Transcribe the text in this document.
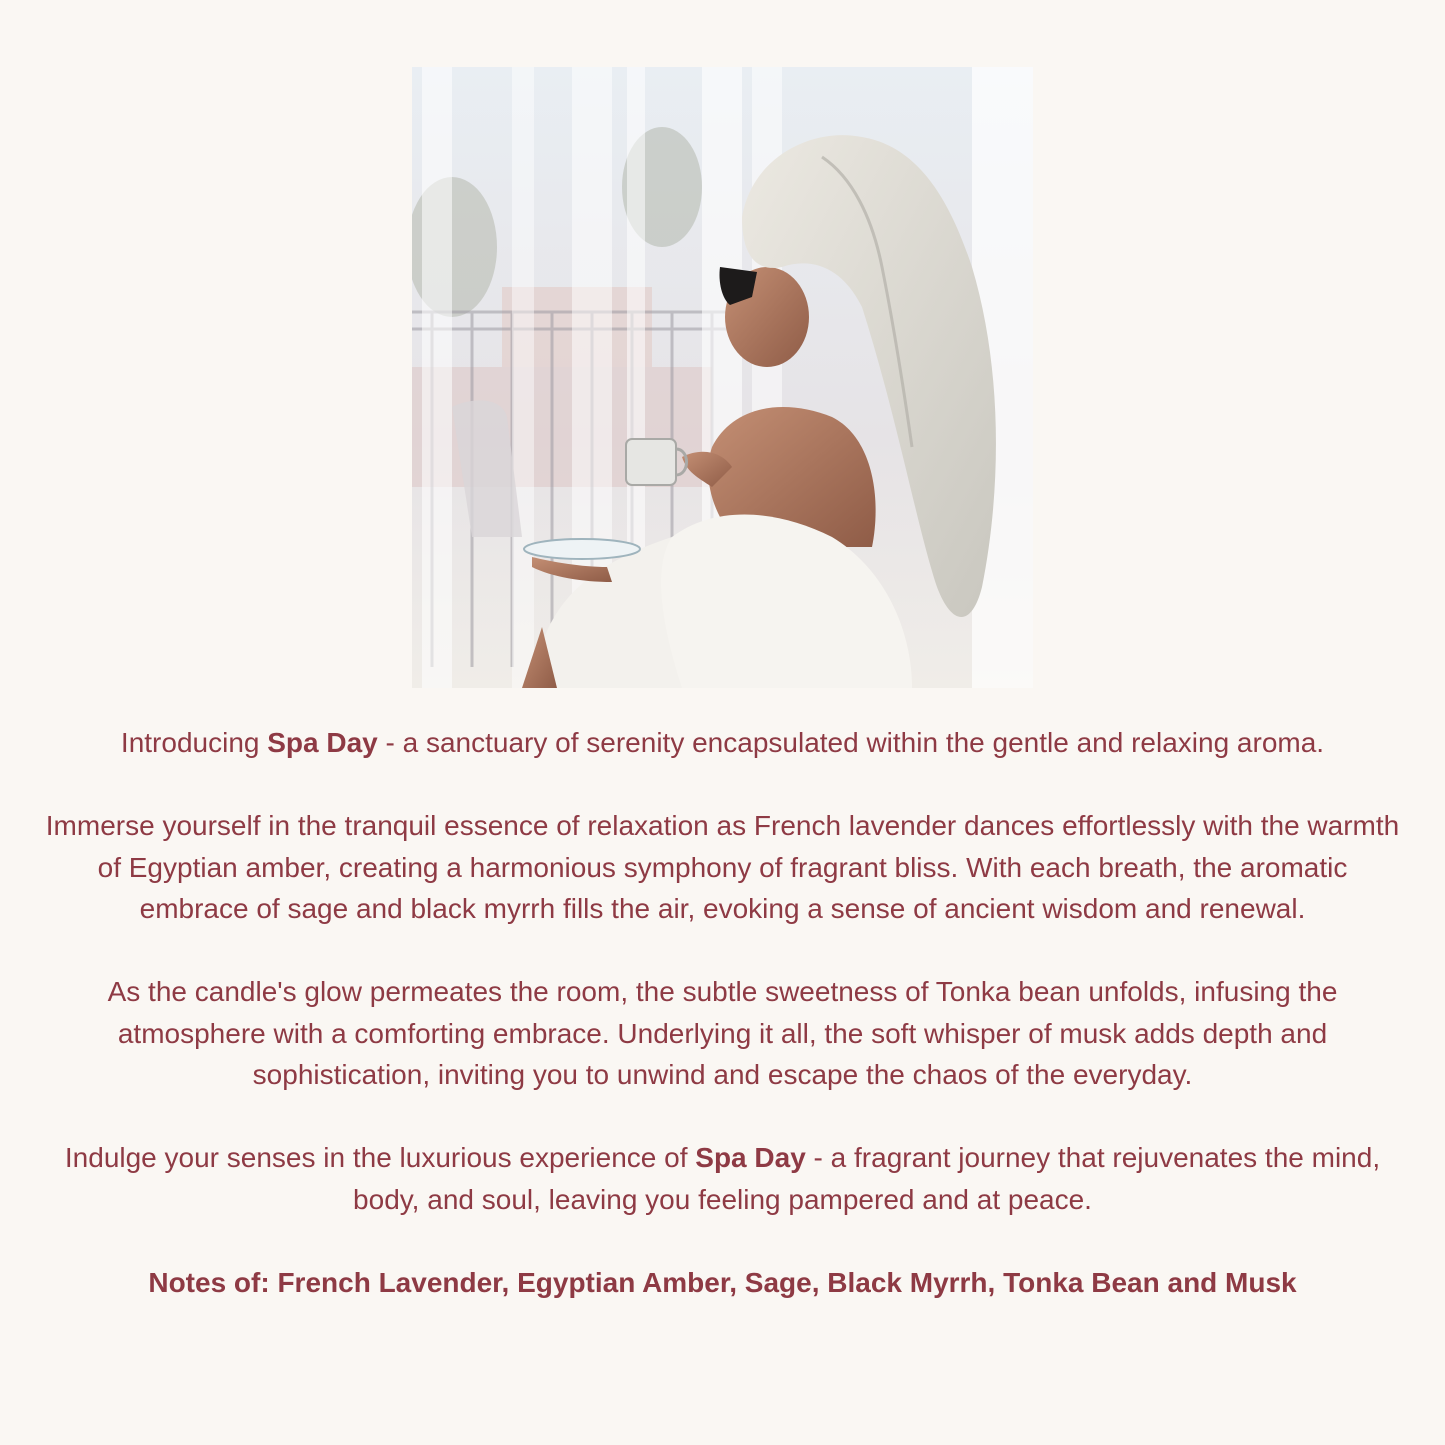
Introducing Spa Day - a sanctuary of serenity encapsulated within the gentle and relaxing aroma.

Immerse yourself in the tranquil essence of relaxation as French lavender dances effortlessly with the warmth of Egyptian amber, creating a harmonious symphony of fragrant bliss. With each breath, the aromatic embrace of sage and black myrrh fills the air, evoking a sense of ancient wisdom and renewal.

As the candle's glow permeates the room, the subtle sweetness of Tonka bean unfolds, infusing the atmosphere with a comforting embrace. Underlying it all, the soft whisper of musk adds depth and sophistication, inviting you to unwind and escape the chaos of the everyday.

Indulge your senses in the luxurious experience of Spa Day - a fragrant journey that rejuvenates the mind, body, and soul, leaving you feeling pampered and at peace.

Notes of: French Lavender, Egyptian Amber, Sage, Black Myrrh, Tonka Bean and Musk
